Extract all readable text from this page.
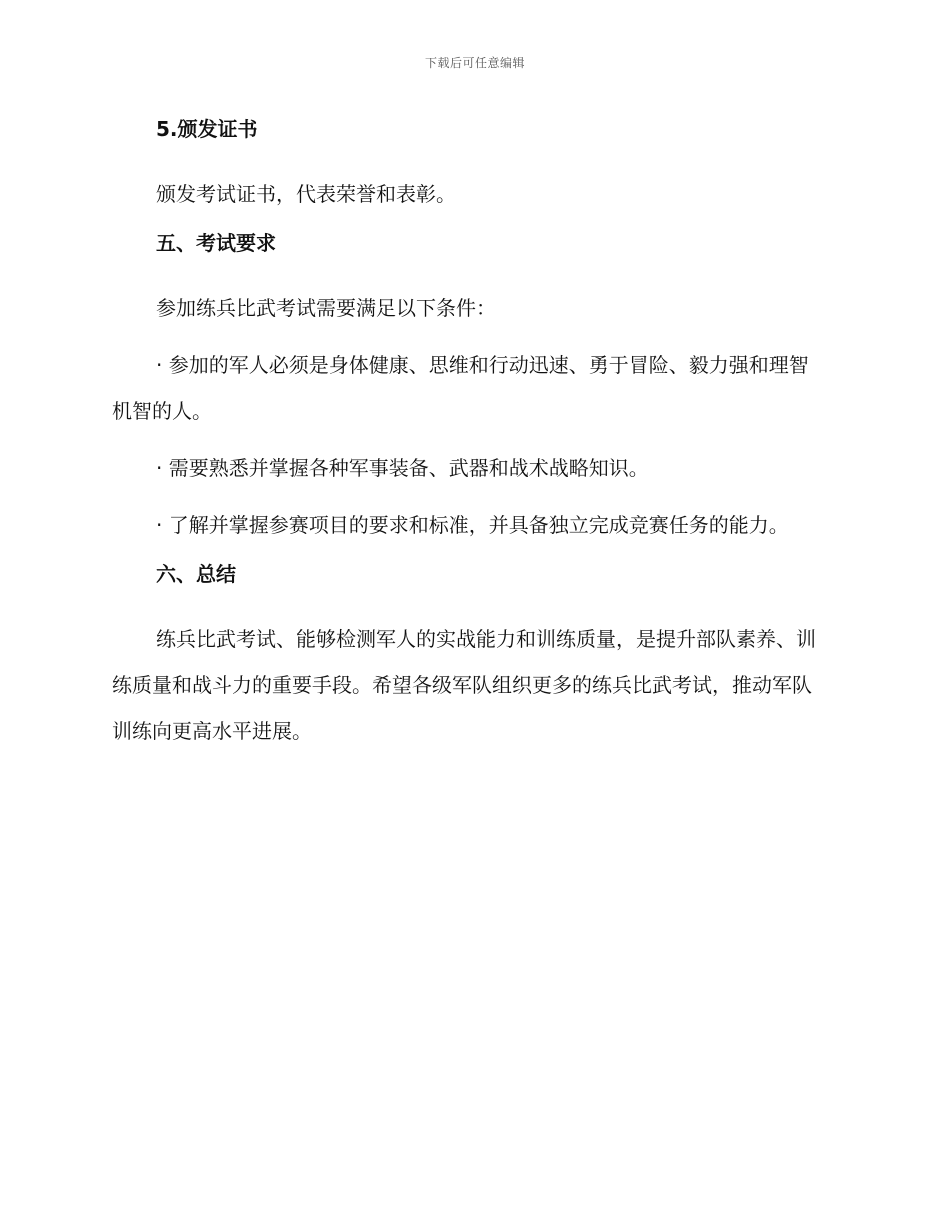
下载后可任意编辑
5.颁发证书

颁发考试证书，代表荣誉和表彰。

五、考试要求

参加练兵比武考试需要满足以下条件：

· 参加的军人必须是身体健康、思维和行动迅速、勇于冒险、毅力强和理智机智的人。

· 需要熟悉并掌握各种军事装备、武器和战术战略知识。

· 了解并掌握参赛项目的要求和标准，并具备独立完成竞赛任务的能力。

六、总结

练兵比武考试、能够检测军人的实战能力和训练质量，是提升部队素养、训练质量和战斗力的重要手段。希望各级军队组织更多的练兵比武考试，推动军队训练向更高水平进展。
